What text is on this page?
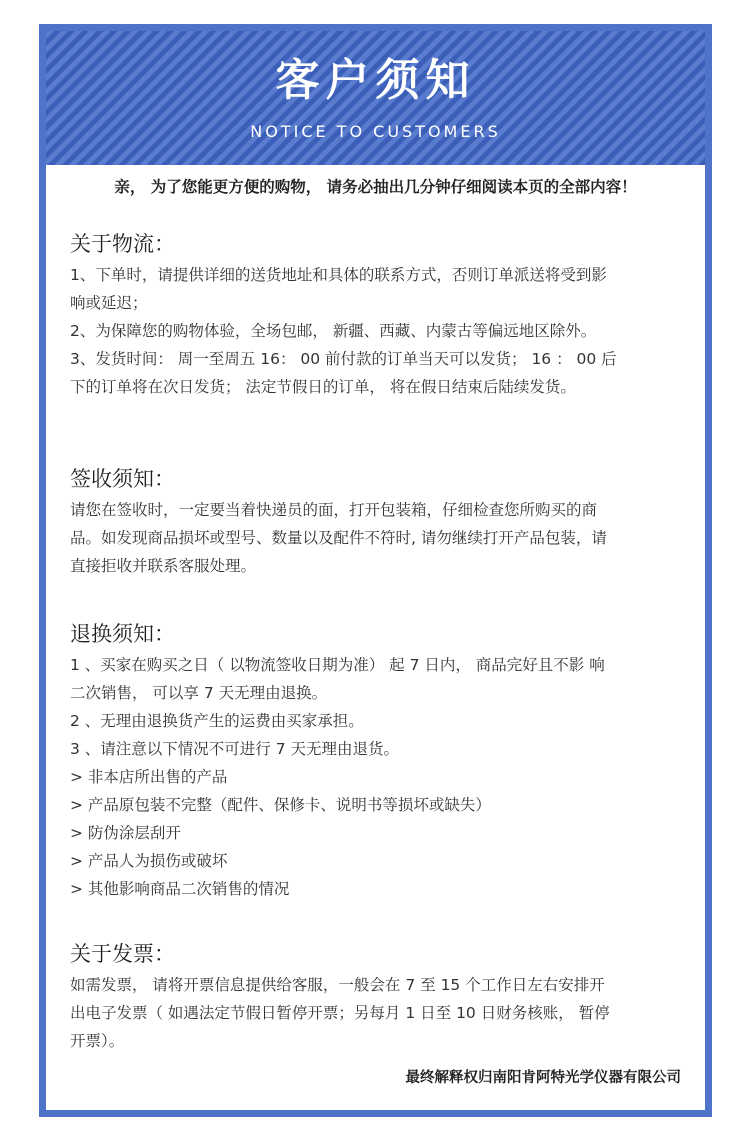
客户须知
NOTICE TO CUSTOMERS
亲， 为了您能更方便的购物， 请务必抽出几分钟仔细阅读本页的全部内容！

关于物流：

1、下单时，请提供详细的送货地址和具体的联系方式，否则订单派送将受到影

响或延迟；

2、为保障您的购物体验，全场包邮， 新疆、西藏、内蒙古等偏远地区除外。

3、发货时间： 周一至周五 16： 00 前付款的订单当天可以发货； 16 ： 00 后

下的订单将在次日发货； 法定节假日的订单， 将在假日结束后陆续发货。

签收须知：

请您在签收时，一定要当着快递员的面，打开包装箱，仔细检查您所购买的商

品。如发现商品损坏或型号、数量以及配件不符时, 请勿继续打开产品包装，请

直接拒收并联系客服处理。

退换须知：

1 、买家在购买之日（ 以物流签收日期为准） 起 7 日内， 商品完好且不影 响

二次销售， 可以享 7 天无理由退换。

2 、无理由退换货产生的运费由买家承担。

3 、请注意以下情况不可进行 7 天无理由退货。

> 非本店所出售的产品

> 产品原包装不完整（配件、保修卡、说明书等损坏或缺失）

> 防伪涂层刮开

> 产品人为损伤或破坏

> 其他影响商品二次销售的情况

关于发票：

如需发票， 请将开票信息提供给客服，一般会在 7 至 15 个工作日左右安排开

出电子发票（ 如遇法定节假日暂停开票；另每月 1 日至 10 日财务核账， 暂停

开票）。

最终解释权归南阳肯阿特光学仪器有限公司
